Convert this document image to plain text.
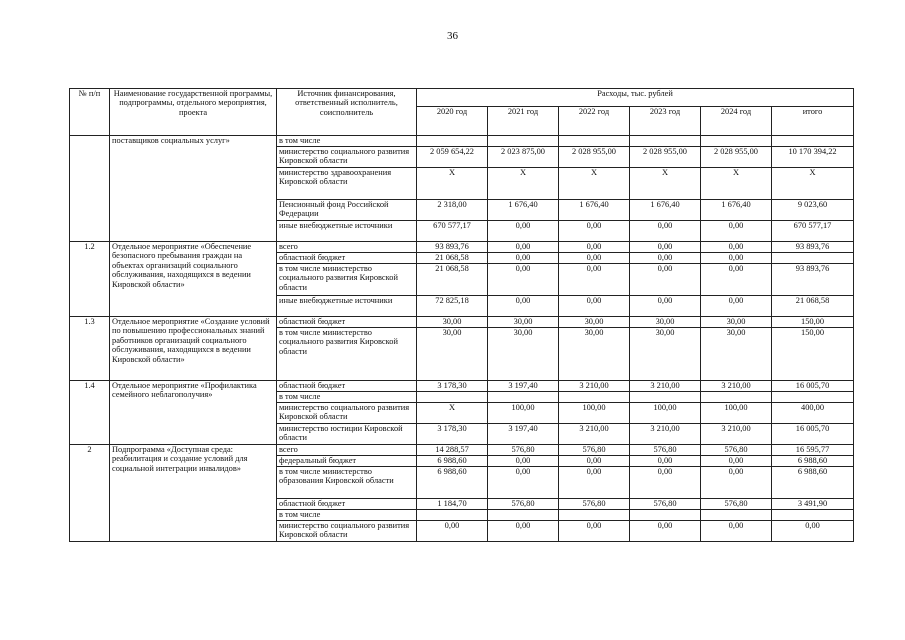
36
№ п/п	Наименование государственной программы, подпрограммы, отдельного мероприятия, проекта	Источник финансирования, ответственный исполнитель, соисполнитель	Расходы, тыс. рублей					
			2020 год	2021 год	2022 год	2023 год	2024 год	итого
	поставщиков социальных услуг»	в том числе						
		министерство социального развития Кировской области	2 059 654,22	2 023 875,00	2 028 955,00	2 028 955,00	2 028 955,00	10 170 394,22
		министерство здравоохранения Кировской области	Х	Х	Х	Х	Х	Х
		Пенсионный фонд Российской Федерации	2 318,00	1 676,40	1 676,40	1 676,40	1 676,40	9 023,60
		иные внебюджетные источники	670 577,17	0,00	0,00	0,00	0,00	670 577,17
1.2	Отдельное мероприятие «Обеспечение безопасного пребывания граждан на объектах организаций социального обслуживания, находящихся в ведении Кировской области»	всего	93 893,76	0,00	0,00	0,00	0,00	93 893,76
		областной бюджет	21 068,58	0,00	0,00	0,00	0,00	
		в том числе министерство социального развития Кировской области	21 068,58	0,00	0,00	0,00	0,00	93 893,76
		иные внебюджетные источники	72 825,18	0,00	0,00	0,00	0,00	21 068,58
1.3	Отдельное мероприятие «Создание условий по повышению профессиональных знаний работников организаций социального обслуживания, находящихся в ведении Кировской области»	областной бюджет	30,00	30,00	30,00	30,00	30,00	150,00
		в том числе министерство социального развития Кировской области	30,00	30,00	30,00	30,00	30,00	150,00
1.4	Отдельное мероприятие «Профилактика семейного неблагополучия»	областной бюджет	3 178,30	3 197,40	3 210,00	3 210,00	3 210,00	16 005,70
		в том числе						
		министерство социального развития Кировской области	Х	100,00	100,00	100,00	100,00	400,00
		министерство юстиции Кировской области	3 178,30	3 197,40	3 210,00	3 210,00	3 210,00	16 005,70
2	Подпрограмма «Доступная среда: реабилитация и создание условий для социальной интеграции инвалидов»	всего	14 288,57	576,80	576,80	576,80	576,80	16 595,77
		федеральный бюджет	6 988,60	0,00	0,00	0,00	0,00	6 988,60
		в том числе министерство образования Кировской области	6 988,60	0,00	0,00	0,00	0,00	6 988,60
		областной бюджет	1 184,70	576,80	576,80	576,80	576,80	3 491,90
		в том числе						
		министерство социального развития Кировской области	0,00	0,00	0,00	0,00	0,00	0,00
